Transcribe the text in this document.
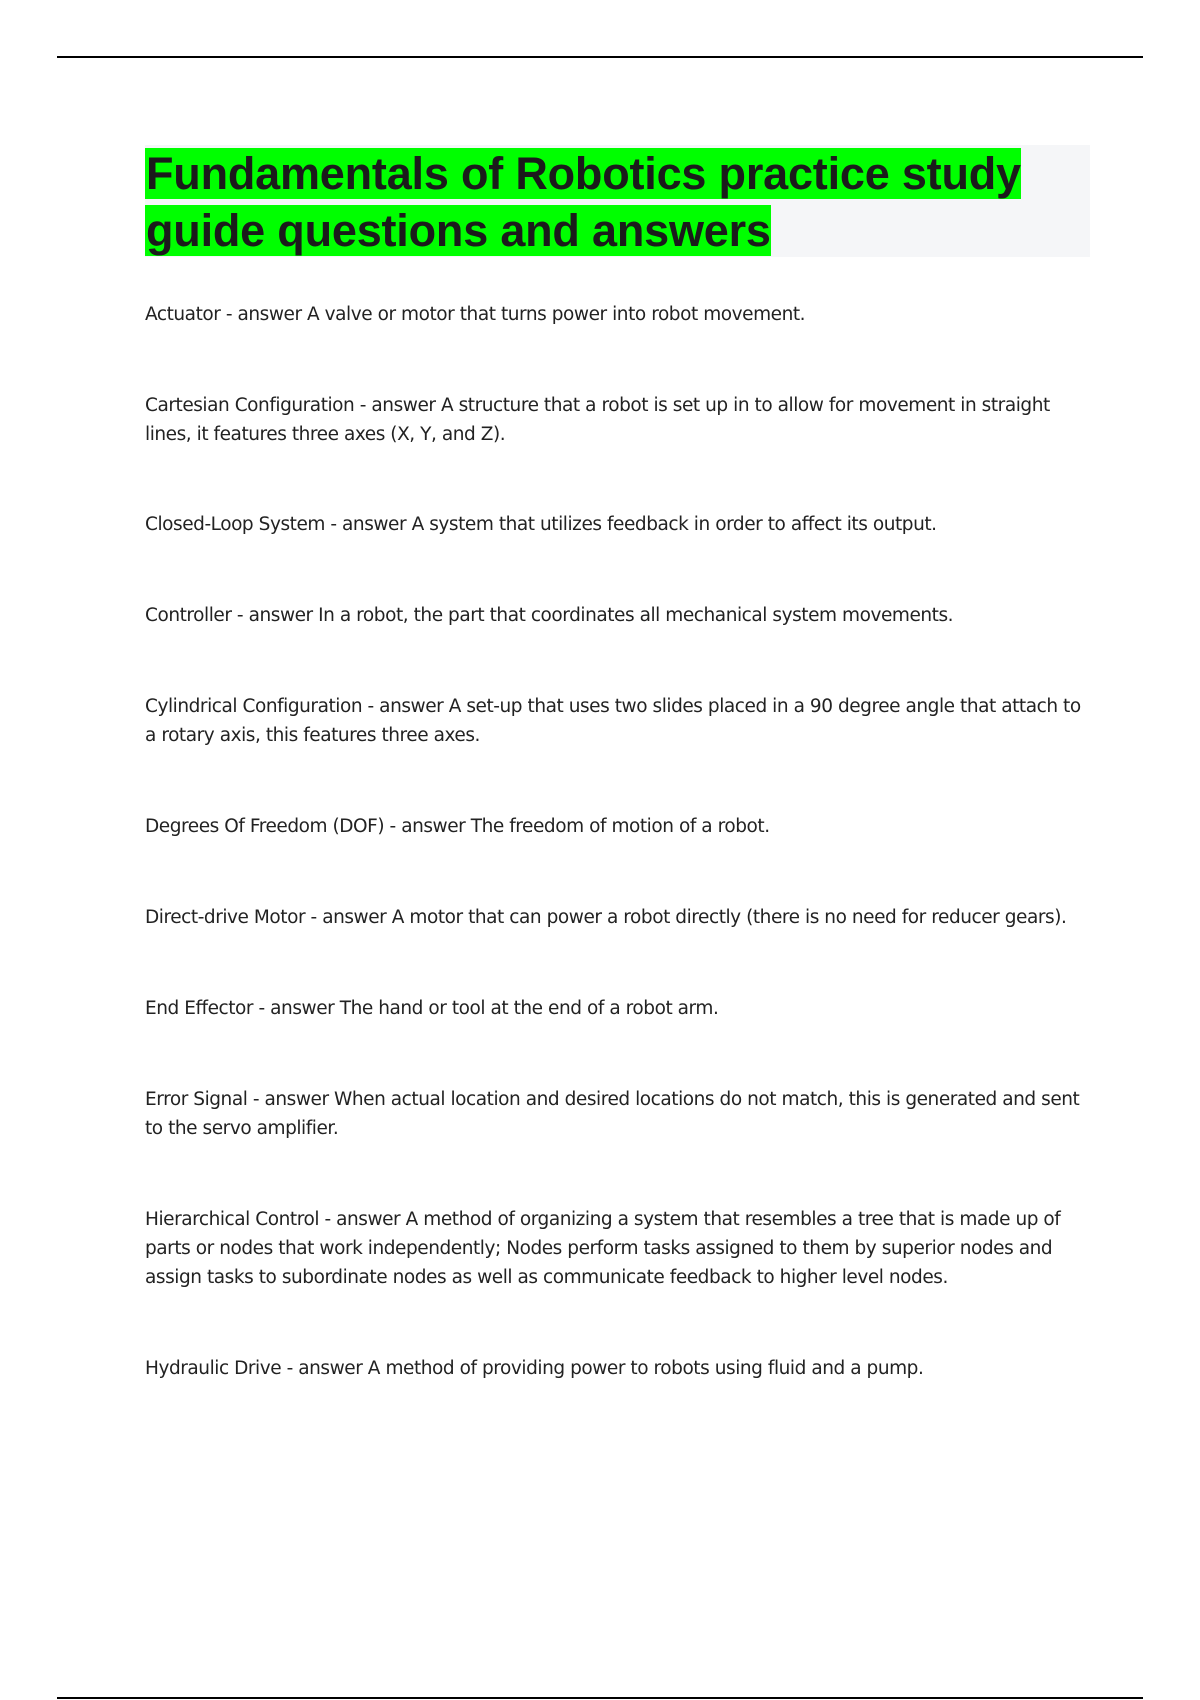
Fundamentals of Robotics practice study guide questions and answers

Actuator - answer A valve or motor that turns power into robot movement.

Cartesian Configuration - answer A structure that a robot is set up in to allow for movement in straight lines, it features three axes (X, Y, and Z).

Closed-Loop System - answer A system that utilizes feedback in order to affect its output.

Controller - answer In a robot, the part that coordinates all mechanical system movements.

Cylindrical Configuration - answer A set-up that uses two slides placed in a 90 degree angle that attach to a rotary axis, this features three axes.

Degrees Of Freedom (DOF) - answer The freedom of motion of a robot.

Direct-drive Motor - answer A motor that can power a robot directly (there is no need for reducer gears).

End Effector - answer The hand or tool at the end of a robot arm.

Error Signal - answer When actual location and desired locations do not match, this is generated and sent to the servo amplifier.

Hierarchical Control - answer A method of organizing a system that resembles a tree that is made up of parts or nodes that work independently; Nodes perform tasks assigned to them by superior nodes and assign tasks to subordinate nodes as well as communicate feedback to higher level nodes.

Hydraulic Drive - answer A method of providing power to robots using fluid and a pump.
